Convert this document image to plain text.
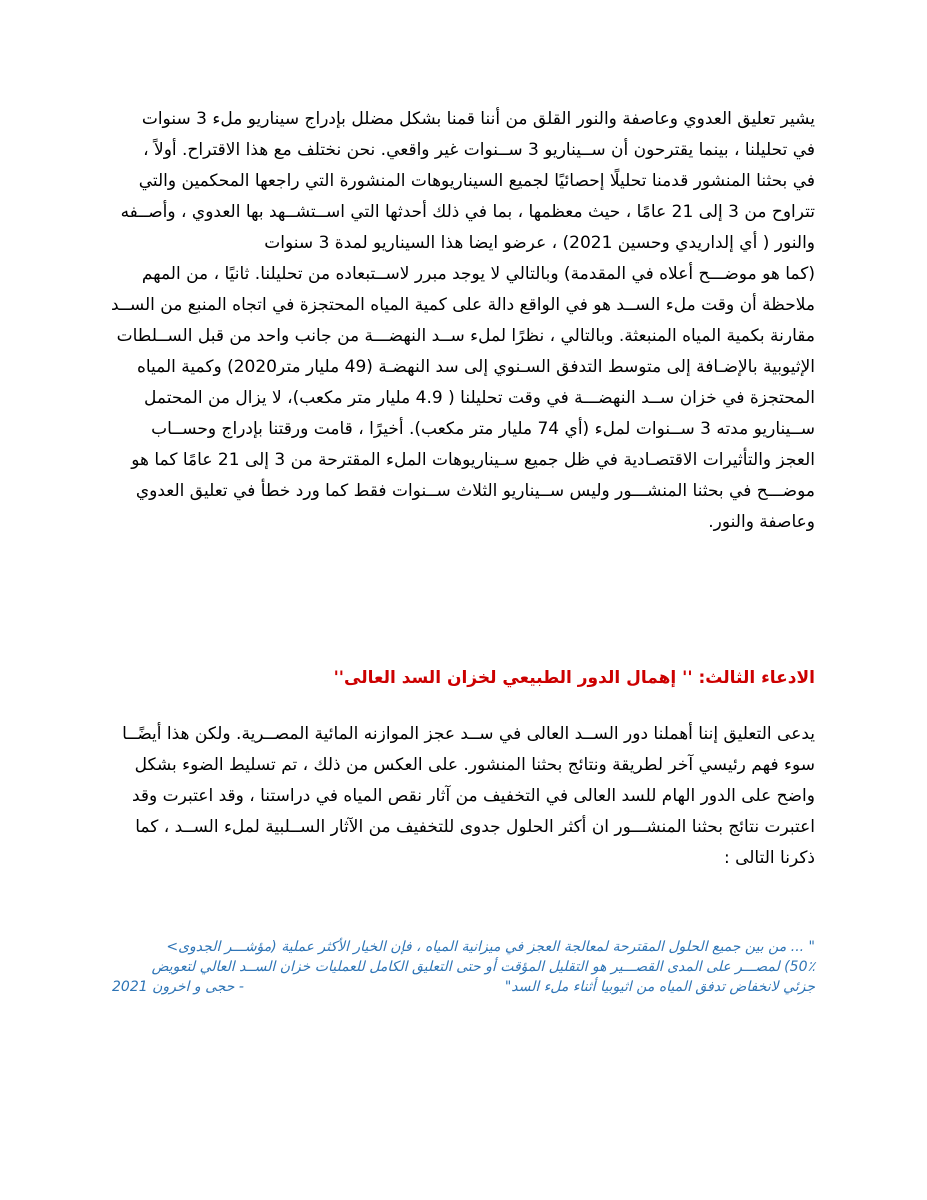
يشير تعليق العدوي وعاصفة والنور القلق من أننا قمنا بشكل مضلل بإدراج سيناريو ملء 3 سنوات
في تحليلنا ، بينما يقترحون أن ســيناريو 3 ســنوات غير واقعي. نحن نختلف مع هذا الاقتراح. أولاً ،
في بحثنا المنشور قدمنا تحليلًا إحصائيًا لجميع السيناريوهات المنشورة التي راجعها المحكمين والتي
تتراوح من 3 إلى 21 عامًا ، حيث معظمها ، بما في ذلك أحدثها التي اســتشــهد بها العدوي ، وأصــفه
والنور ( أي إلداريدي وحسين 2021) ، عرضو ايضا هذا السيناريو لمدة 3 سنوات
(كما هو موضـــح أعلاه في المقدمة) وبالتالي لا يوجد مبرر لاســتبعاده من تحليلنا. ثانيًا ، من المهم
ملاحظة أن وقت ملء الســد هو في الواقع دالة على كمية المياه المحتجزة في اتجاه المنبع من الســد
مقارنة بكمية المياه المنبعثة. وبالتالي ، نظرًا لملء ســد النهضـــة من جانب واحد من قبل الســلطات
الإثيوبية بالإضـافة إلى متوسط التدفق السـنوي إلى سد النهضـة (49 مليار متر2020) وكمية المياه
المحتجزة في خزان ســد النهضـــة في وقت تحليلنا ( 4.9 مليار متر مكعب)، لا يزال من المحتمل
ســيناريو مدته 3 ســنوات لملء (أي 74 مليار متر مكعب). أخيرًا ، قامت ورقتنا بإدراج وحســاب
العجز والتأثيرات الاقتصـادية في ظل جميع سـيناريوهات الملء المقترحة من 3 إلى 21 عامًا كما هو
موضـــح في بحثنا المنشـــور وليس ســيناريو الثلاث ســنوات فقط كما ورد خطأ في تعليق العدوي
وعاصفة والنور.
الادعاء الثالث: '' إهمال الدور الطبيعي لخزان السد العالى''
يدعى التعليق إننا أهملنا دور الســد العالى في ســد عجز الموازنه المائية المصــرية. ولكن هذا أيضًــا
سوء فهم رئيسي آخر لطريقة ونتائج بحثنا المنشور. على العكس من ذلك ، تم تسليط الضوء بشكل
واضح على الدور الهام للسد العالى في التخفيف من آثار نقص المياه في دراستنا ، وقد اعتبرت وقد
اعتبرت نتائج بحثنا المنشـــور ان أكثر الحلول جدوى للتخفيف من الآثار الســلبية لملء الســد ، كما
ذكرنا التالى :
" ... من بين جميع الحلول المقترحة لمعالجة العجز في ميزانية المياه ، فإن الخيار الأكثر عملية (مؤشـــر الجدوى>
50٪) لمصـــر على المدى القصـــير هو التقليل المؤقت أو حتى التعليق الكامل للعمليات خزان الســد العالي لتعويض
جزئي لانخفاض تدفق المياه من اثيوبيا أثناء ملء السد"
- حجى و اخرون 2021
